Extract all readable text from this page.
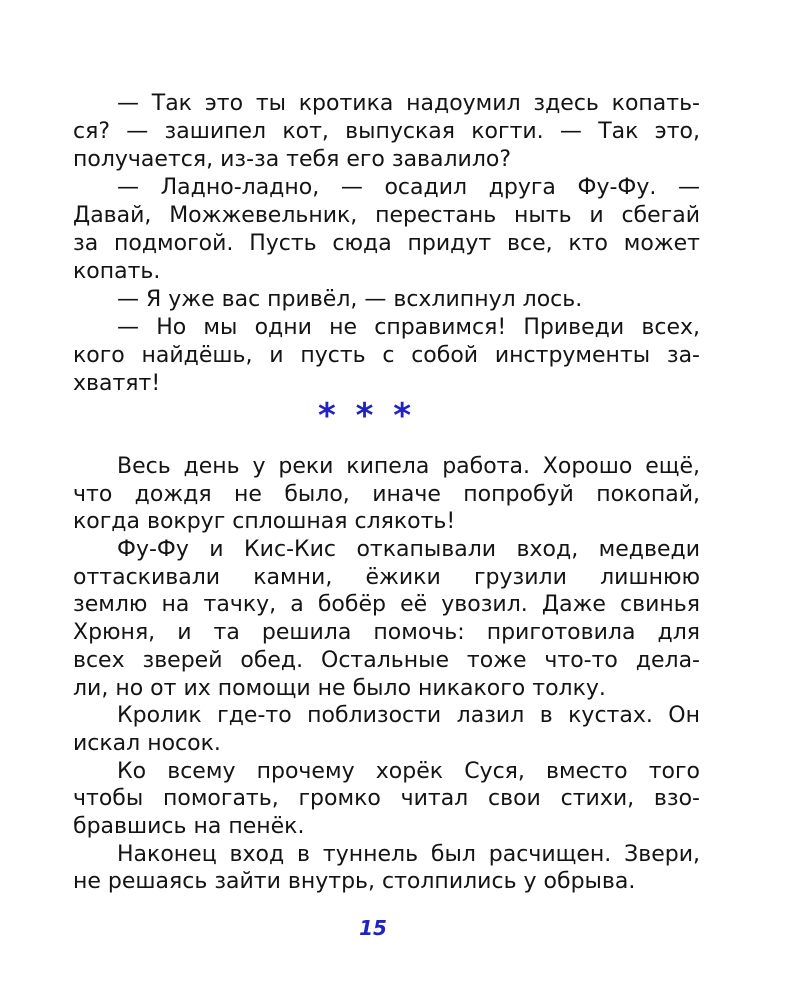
— Так это ты кротика надоумил здесь копать-
ся? — зашипел кот, выпуская когти. — Так это,
получается, из-за тебя его завалило?
— Ладно-ладно, — осадил друга Фу-Фу. —
Давай, Можжевельник, перестань ныть и сбегай
за подмогой. Пусть сюда придут все, кто может
копать.
— Я уже вас привёл, — всхлипнул лось.
— Но мы одни не справимся! Приведи всех,
кого найдёшь, и пусть с собой инструменты за-
хватят!
* * *
Весь день у реки кипела работа. Хорошо ещё,
что дождя не было, иначе попробуй покопай,
когда вокруг сплошная слякоть!
Фу-Фу и Кис-Кис откапывали вход, медведи
оттаскивали камни, ёжики грузили лишнюю
землю на тачку, а бобёр её увозил. Даже свинья
Хрюня, и та решила помочь: приготовила для
всех зверей обед. Остальные тоже что-то дела-
ли, но от их помощи не было никакого толку.
Кролик где-то поблизости лазил в кустах. Он
искал носок.
Ко всему прочему хорёк Суся, вместо того
чтобы помогать, громко читал свои стихи, взо-
бравшись на пенёк.
Наконец вход в туннель был расчищен. Звери,
не решаясь зайти внутрь, столпились у обрыва.
15
